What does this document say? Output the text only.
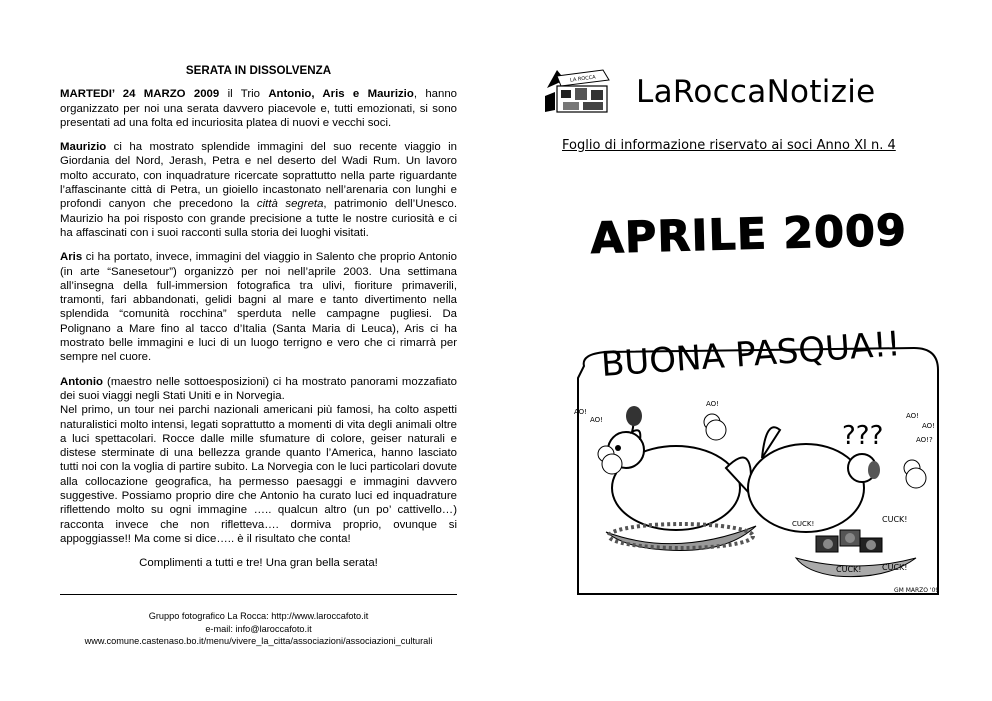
SERATA IN DISSOLVENZA

MARTEDI’ 24 MARZO 2009 il Trio Antonio, Aris e Maurizio, hanno organizzato per noi una serata davvero piacevole e, tutti emozionati, si sono presentati ad una folta ed incuriosita platea di nuovi e vecchi soci.

Maurizio ci ha mostrato splendide immagini del suo recente viaggio in Giordania del Nord, Jerash, Petra e nel deserto del Wadi Rum. Un lavoro molto accurato, con inquadrature ricercate soprattutto nella parte riguardante l’affascinante città di Petra, un gioiello incastonato nell’arenaria con lunghi e profondi canyon che precedono la città segreta, patrimonio dell’Unesco. Maurizio ha poi risposto con grande precisione a tutte le nostre curiosità e ci ha affascinati con i suoi racconti sulla storia dei luoghi visitati.

Aris ci ha portato, invece, immagini del viaggio in Salento che proprio Antonio (in arte “Sanesetour”) organizzò per noi nell’aprile 2003. Una settimana all’insegna della full-immersion fotografica tra ulivi, fioriture primaverili, tramonti, fari abbandonati, gelidi bagni al mare e tanto divertimento nella splendida “comunità rocchina” sperduta nelle campagne pugliesi. Da Polignano a Mare fino al tacco d’Italia (Santa Maria di Leuca), Aris ci ha mostrato belle immagini e luci di un luogo terrigno e vero che ci rimarrà per sempre nel cuore.

Antonio (maestro nelle sottoesposizioni) ci ha mostrato panorami mozzafiato dei suoi viaggi negli Stati Uniti e in Norvegia.
Nel primo, un tour nei parchi nazionali americani più famosi, ha colto aspetti naturalistici molto intensi, legati soprattutto a momenti di vita degli animali oltre a luci spettacolari. Rocce dalle mille sfumature di colore, geiser naturali e distese sterminate di una bellezza grande quanto l’America, hanno lasciato tutti noi con la voglia di partire subito. La Norvegia con le luci particolari dovute alla collocazione geografica, ha permesso paesaggi e immagini davvero suggestive. Possiamo proprio dire che Antonio ha curato luci ed inquadrature riflettendo molto su ogni immagine ….. qualcun altro (un po’ cattivello…) racconta invece che non rifletteva…. dormiva proprio, ovunque si appoggiasse!! Ma come si dice….. è il risultato che conta!

Complimenti a tutti e tre! Una gran bella serata!

Gruppo fotografico La Rocca: http://www.laroccafoto.it
e-mail: info@laroccafoto.it
www.comune.castenaso.bo.it/menu/vivere_la_citta/associazioni/associazioni_culturali
LA ROCCA LaRoccaNotizie
Foglio di informazione riservato ai soci Anno XI n. 4
APRILE 2009
BUONA PASQUA!!
AO!
AO!
AO!
AO!
AO!
AO!?
???
CUCK!	CUCK!
CUCK!	CUCK!
GM MARZO '09
